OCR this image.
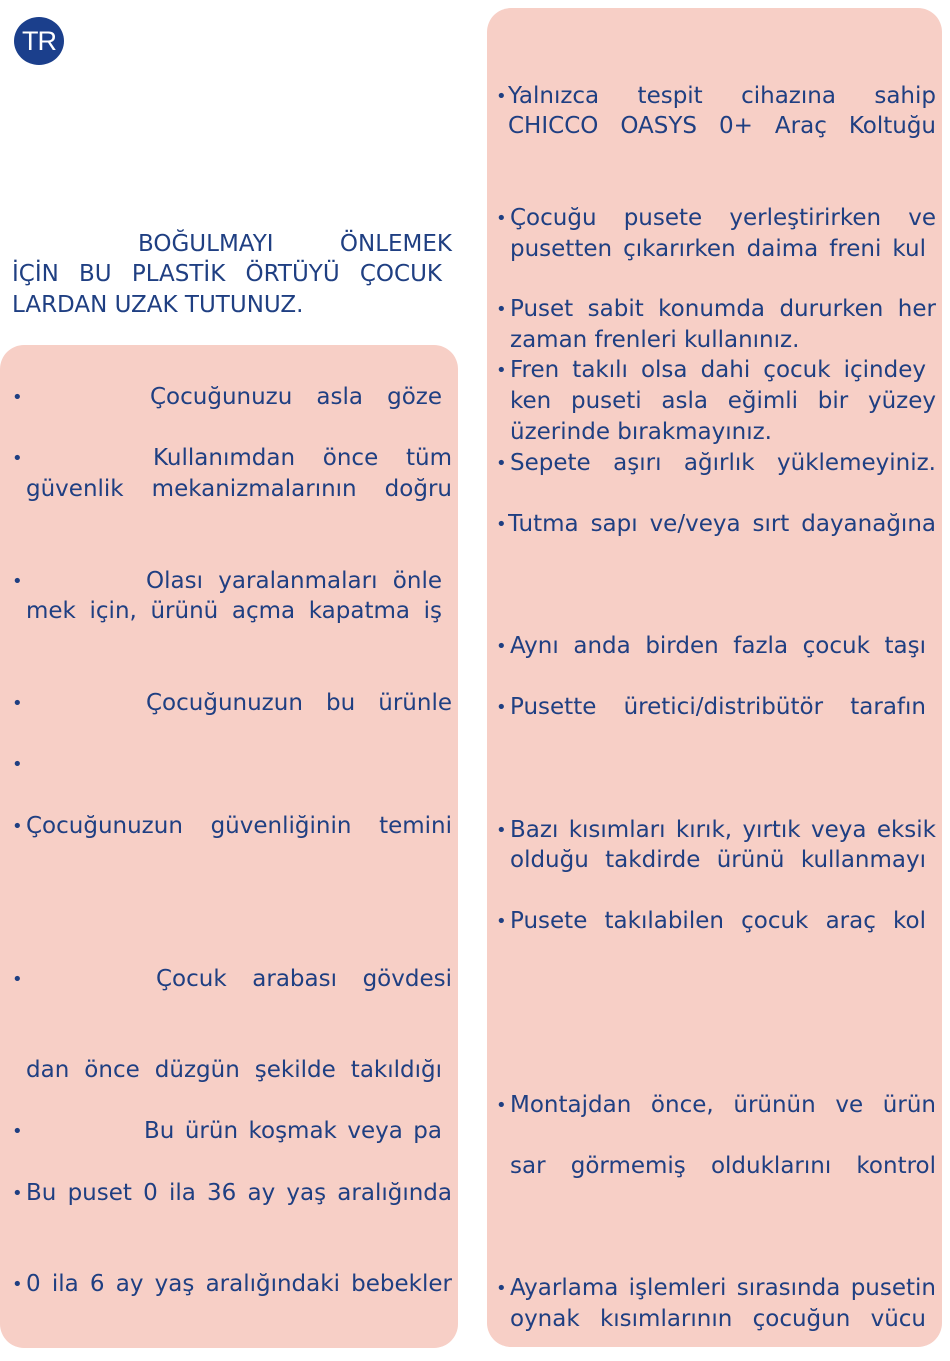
TR

BOĞULMAYI ÖNLEMEK

İÇİN BU PLASTİK ÖRTÜYÜ ÇOCUK

LARDAN UZAK TUTUNUZ.

•	Çocuğunuzu asla göze
•	Kullanımdan önce tüm
güvenlik mekanizmalarının doğru
•	Olası yaralanmaları önle
mek için, ürünü açma kapatma iş
•	Çocuğunuzun bu ürünle
•
• Çocuğunuzun güvenliğinin temini
•	Çocuk arabası gövdesi
dan önce düzgün şekilde takıldığı
•	Bu ürün koşmak veya pa
• Bu puset 0 ila 36 ay yaş aralığında
• 0 ila 6 ay yaş aralığındaki bebekler
• Yalnızca tespit cihazına sahip
CHICCO OASYS 0+ Araç Koltuğu
• Çocuğu pusete yerleştirirken ve
pusetten çıkarırken daima freni kul
• Puset sabit konumda dururken her
zaman frenleri kullanınız.
• Fren takılı olsa dahi çocuk içindey
ken puseti asla eğimli bir yüzey
üzerinde bırakmayınız.
• Sepete aşırı ağırlık yüklemeyiniz.
• Tutma sapı ve/veya sırt dayanağına
• Aynı anda birden fazla çocuk taşı
• Pusette üretici/distribütör tarafın
• Bazı kısımları kırık, yırtık veya eksik
olduğu takdirde ürünü kullanmayı
• Pusete takılabilen çocuk araç kol
• Montajdan önce, ürünün ve ürün
sar görmemiş olduklarını kontrol
• Ayarlama işlemleri sırasında pusetin
oynak kısımlarının çocuğun vücu
